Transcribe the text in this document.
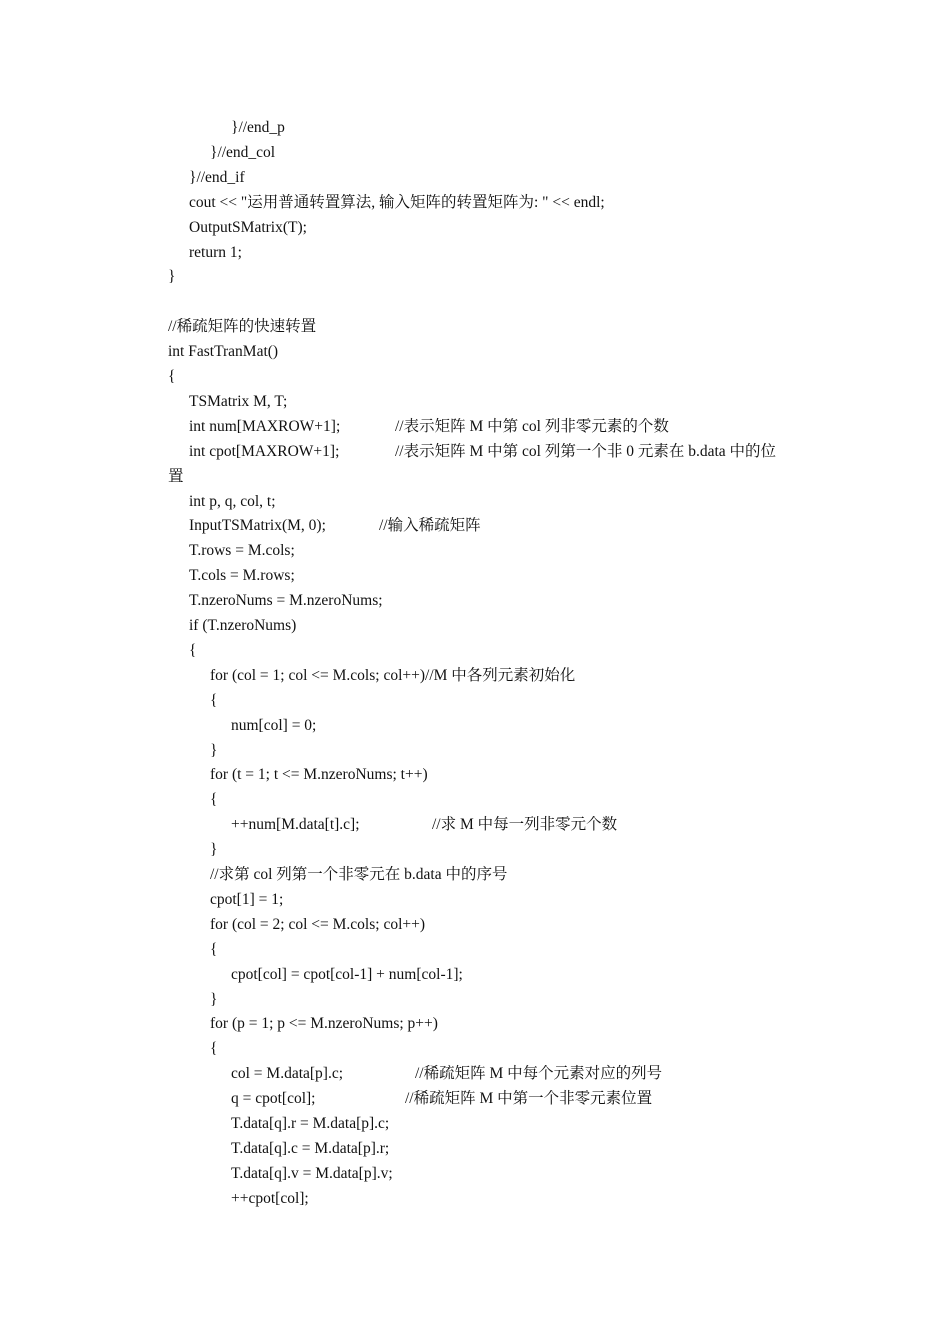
}//end_p
}//end_col
}//end_if
cout << "运用普通转置算法, 输入矩阵的转置矩阵为: " << endl;
OutputSMatrix(T);
return 1;
}
//稀疏矩阵的快速转置
int FastTranMat()
{
TSMatrix M, T;
int num[MAXROW+1];	//表示矩阵 M 中第 col 列非零元素的个数
int cpot[MAXROW+1];	//表示矩阵 M 中第 col 列第一个非 0 元素在 b.data 中的位
置
int p, q, col, t;
InputTSMatrix(M, 0);	//输入稀疏矩阵
T.rows = M.cols;
T.cols = M.rows;
T.nzeroNums = M.nzeroNums;
if (T.nzeroNums)
{
for (col = 1; col <= M.cols; col++)//M 中各列元素初始化
{
num[col] = 0;
}
for (t = 1; t <= M.nzeroNums; t++)
{
++num[M.data[t].c];	//求 M 中每一列非零元个数
}
//求第 col 列第一个非零元在 b.data 中的序号
cpot[1] = 1;
for (col = 2; col <= M.cols; col++)
{
cpot[col] = cpot[col-1] + num[col-1];
}
for (p = 1; p <= M.nzeroNums; p++)
{
col = M.data[p].c;	//稀疏矩阵 M 中每个元素对应的列号
q = cpot[col];	//稀疏矩阵 M 中第一个非零元素位置
T.data[q].r = M.data[p].c;
T.data[q].c = M.data[p].r;
T.data[q].v = M.data[p].v;
++cpot[col];
